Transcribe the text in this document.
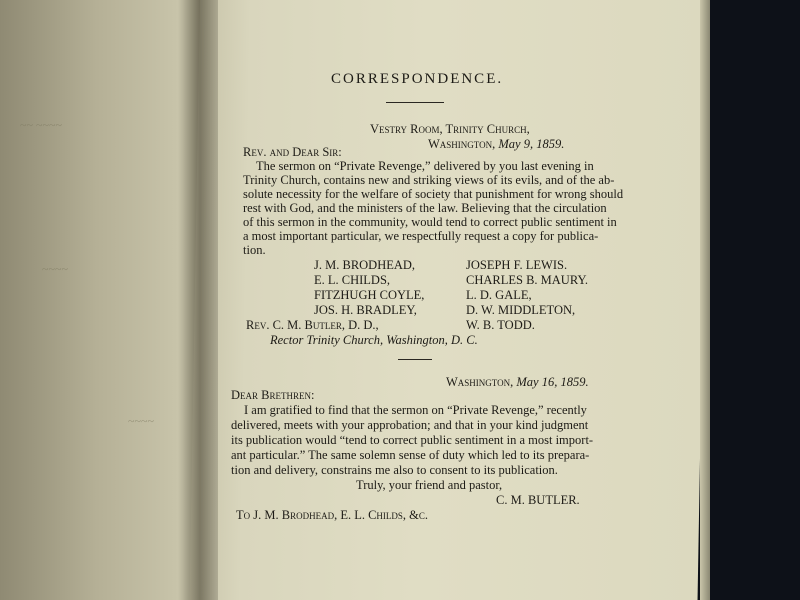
~~ ~~~~
~~~~
~~~~
CORRESPONDENCE.
Vestry Room, Trinity Church,
Washington, May 9, 1859.
Rev. and Dear Sir:
The sermon on “Private Revenge,” delivered by you last evening in
Trinity Church, contains new and striking views of its evils, and of the ab-
solute necessity for the welfare of society that punishment for wrong should
rest with God, and the ministers of the law. Believing that the circulation
of this sermon in the community, would tend to correct public sentiment in
a most important particular, we respectfully request a copy for publica-
tion.
J. M. BRODHEAD,
E. L. CHILDS,
FITZHUGH COYLE,
JOS. H. BRADLEY,
JOSEPH F. LEWIS.
CHARLES B. MAURY.
L. D. GALE,
D. W. MIDDLETON,
W. B. TODD.
Rev. C. M. Butler, D. D.,
Rector Trinity Church, Washington, D. C.
Washington, May 16, 1859.
Dear Brethren:
I am gratified to find that the sermon on “Private Revenge,” recently
delivered, meets with your approbation; and that in your kind judgment
its publication would “tend to correct public sentiment in a most import-
ant particular.” The same solemn sense of duty which led to its prepara-
tion and delivery, constrains me also to consent to its publication.
Truly, your friend and pastor,
C. M. BUTLER.
To J. M. Brodhead, E. L. Childs, &c.
